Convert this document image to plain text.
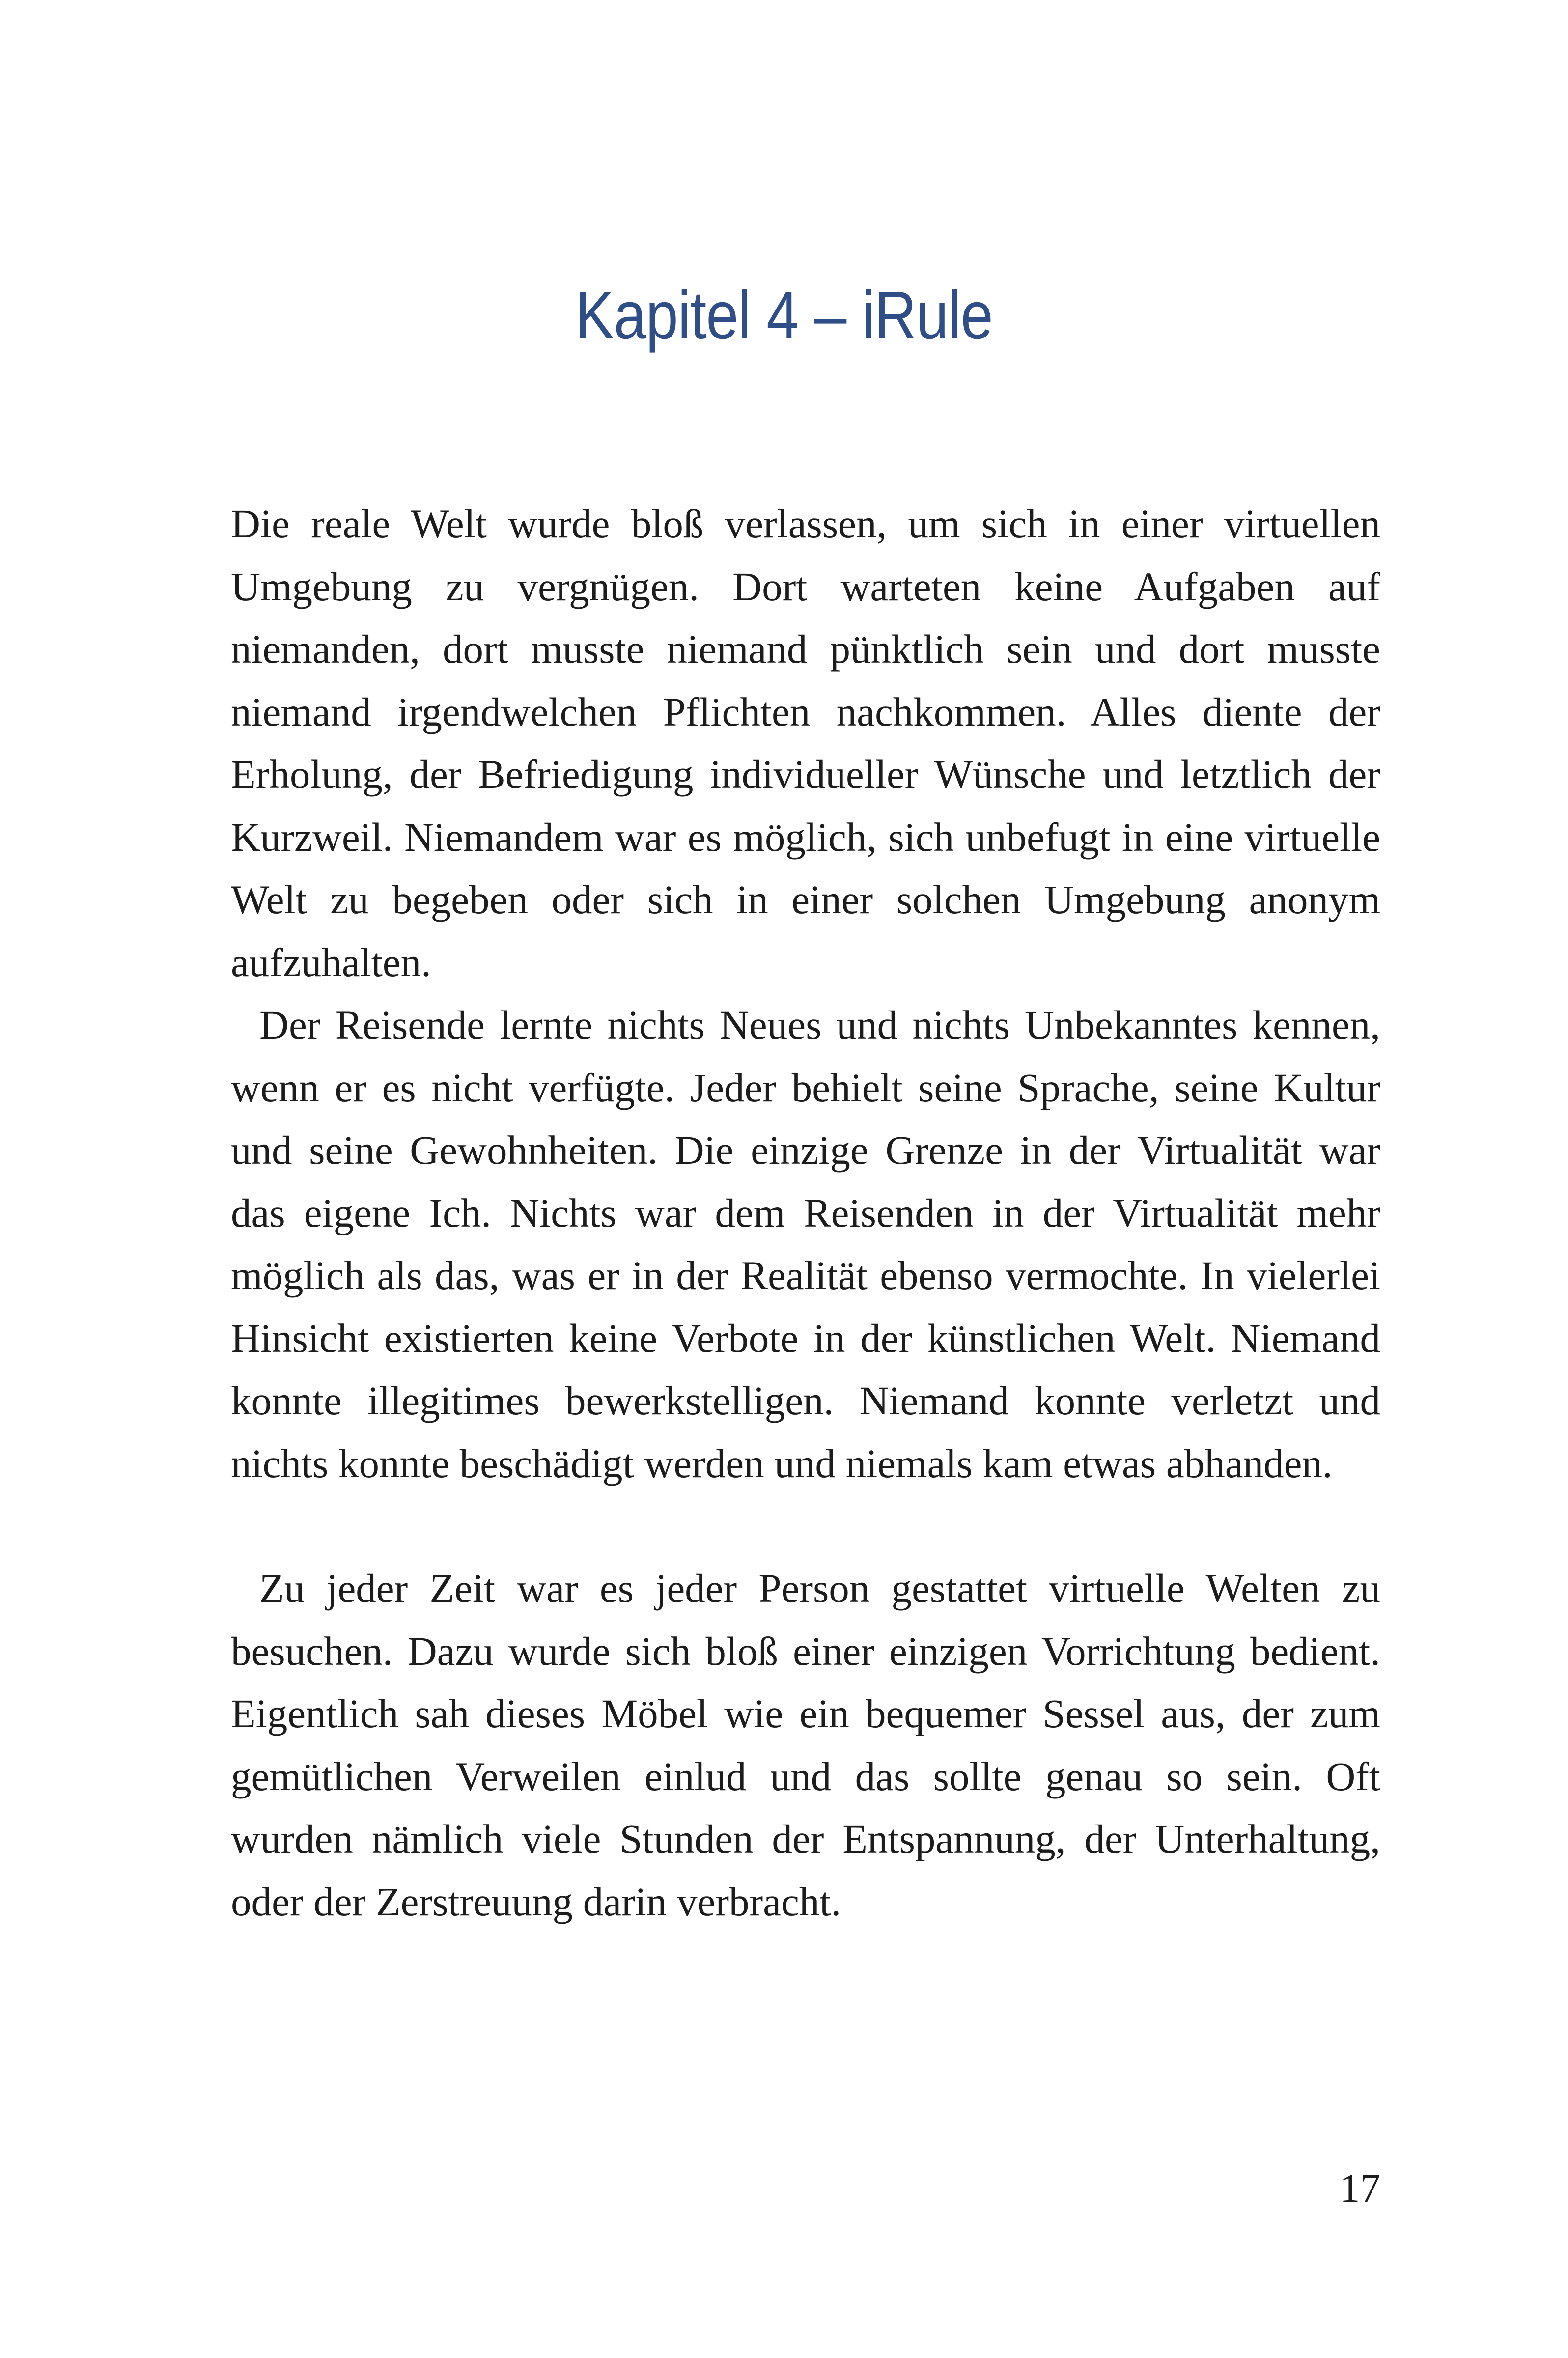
Kapitel 4 – iRule

Die reale Welt wurde bloß verlassen, um sich in einer virtuellen Umgebung zu vergnügen. Dort warteten keine Aufgaben auf niemanden, dort musste niemand pünktlich sein und dort musste niemand irgendwelchen Pflichten nachkommen. Alles diente der Erholung, der Befriedigung individueller Wünsche und letztlich der Kurzweil. Niemandem war es möglich, sich unbefugt in eine virtuelle Welt zu begeben oder sich in einer solchen Umgebung anonym aufzuhalten.

Der Reisende lernte nichts Neues und nichts Unbekanntes kennen, wenn er es nicht verfügte. Jeder behielt seine Sprache, seine Kultur und seine Gewohnheiten. Die einzige Grenze in der Virtualität war das eigene Ich. Nichts war dem Reisenden in der Virtualität mehr möglich als das, was er in der Realität ebenso vermochte. In vielerlei Hinsicht existierten keine Verbote in der künstlichen Welt. Niemand konnte illegitimes bewerkstelligen. Niemand konnte verletzt und nichts konnte beschädigt werden und niemals kam etwas abhanden.

Zu jeder Zeit war es jeder Person gestattet virtuelle Welten zu besuchen. Dazu wurde sich bloß einer einzigen Vorrichtung bedient. Eigentlich sah dieses Möbel wie ein bequemer Sessel aus, der zum gemütlichen Verweilen einlud und das sollte genau so sein. Oft wurden nämlich viele Stunden der Entspannung, der Unterhaltung, oder der Zerstreuung darin verbracht.

17
